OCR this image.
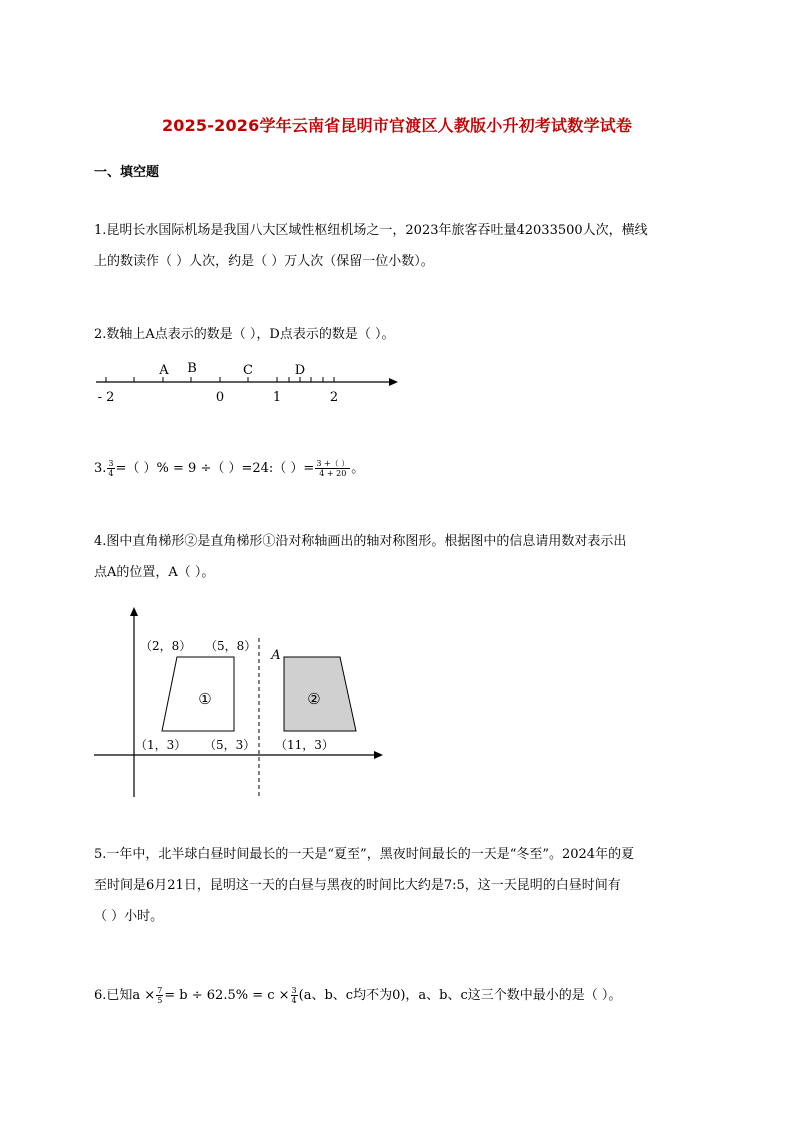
2025-2026学年云南省昆明市官渡区人教版小升初考试数学试卷
一、填空题
1.昆明长水国际机场是我国八大区域性枢纽机场之一，2023年旅客吞吐量42033500人次，横线
上的数读作（ ）人次，约是（ ）万人次（保留一位小数）。
2.数轴上A点表示的数是（ ），D点表示的数是（ ）。
A B	C	D
- 2	0	1	2
3. $\frac{3}{4}$ =（ ）% = 9 ÷（ ）=24:（ ）= $\frac{3 +( )}{4 + 20}$ 。
4.图中直角梯形②是直角梯形①沿对称轴画出的轴对称图形。根据图中的信息请用数对表示出
点A的位置，A（ ）。
①	②
A
（2，8） （5，8）
（1，3） （5，3） （11，3）
5.一年中，北半球白昼时间最长的一天是“夏至”，黑夜时间最长的一天是“冬至”。2024年的夏
至时间是6月21日，昆明这一天的白昼与黑夜的时间比大约是7:5，这一天昆明的白昼时间有
（ ）小时。
6.已知$a \times \frac{7}{5} = b \div 62.5\% = c \times \frac{3}{4} (a$、b、c均不为0)，a、b、c这三个数中最小的是（ ）。
